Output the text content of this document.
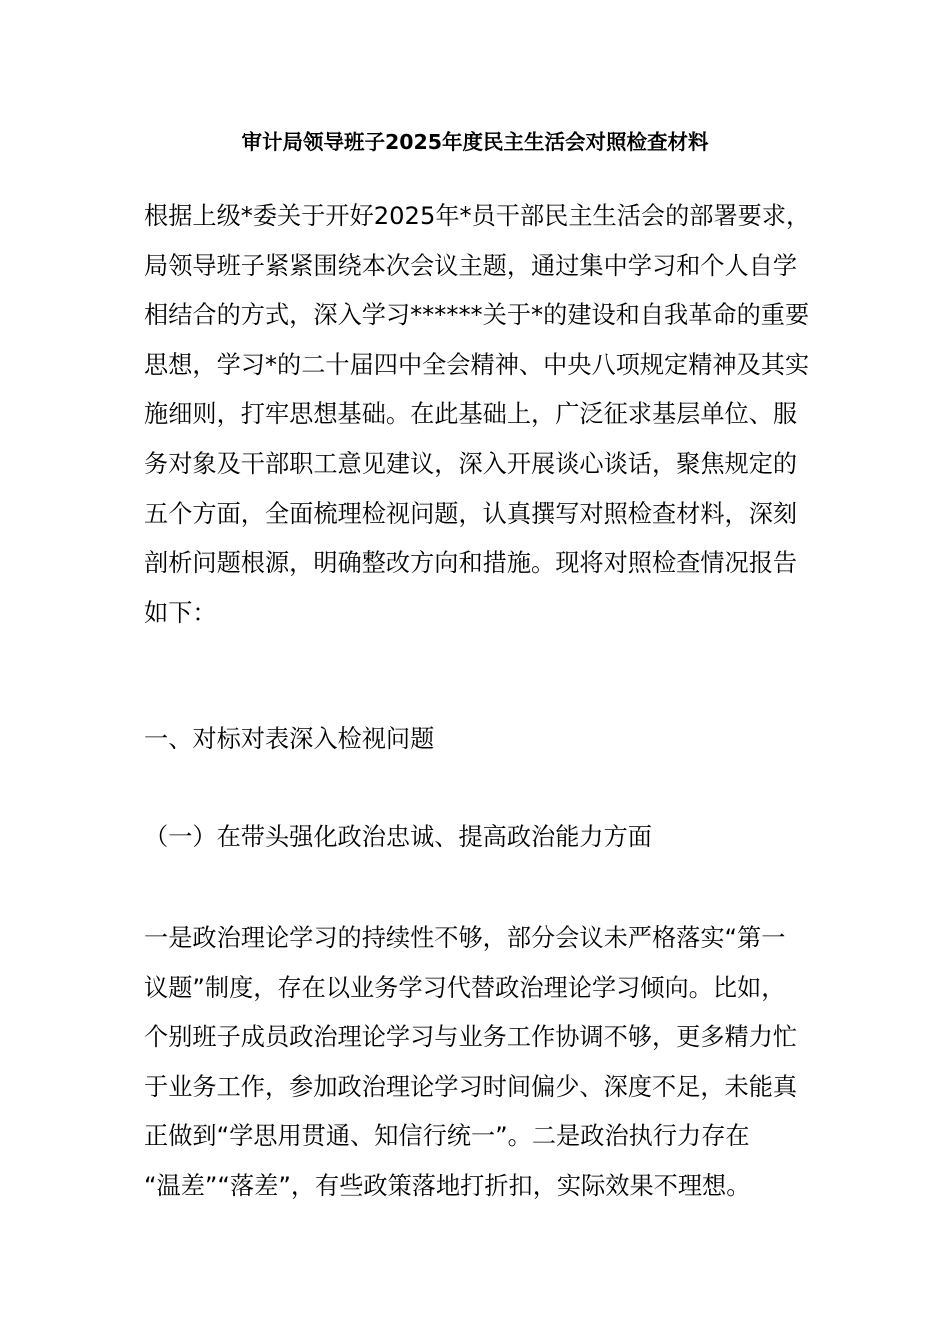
审计局领导班子2025年度民主生活会对照检查材料
根据上级*委关于开好2025年*员干部民主生活会的部署要求，
局领导班子紧紧围绕本次会议主题，通过集中学习和个人自学
相结合的方式，深入学习******关于*的建设和自我革命的重要
思想，学习*的二十届四中全会精神、中央八项规定精神及其实
施细则，打牢思想基础。在此基础上，广泛征求基层单位、服
务对象及干部职工意见建议，深入开展谈心谈话，聚焦规定的
五个方面，全面梳理检视问题，认真撰写对照检查材料，深刻
剖析问题根源，明确整改方向和措施。现将对照检查情况报告
如下：

一、对标对表深入检视问题

（一）在带头强化政治忠诚、提高政治能力方面

一是政治理论学习的持续性不够，部分会议未严格落实“第一
议题”制度，存在以业务学习代替政治理论学习倾向。比如，
个别班子成员政治理论学习与业务工作协调不够，更多精力忙
于业务工作，参加政治理论学习时间偏少、深度不足，未能真
正做到“学思用贯通、知信行统一”。二是政治执行力存在
“温差”“落差”，有些政策落地打折扣，实际效果不理想。
